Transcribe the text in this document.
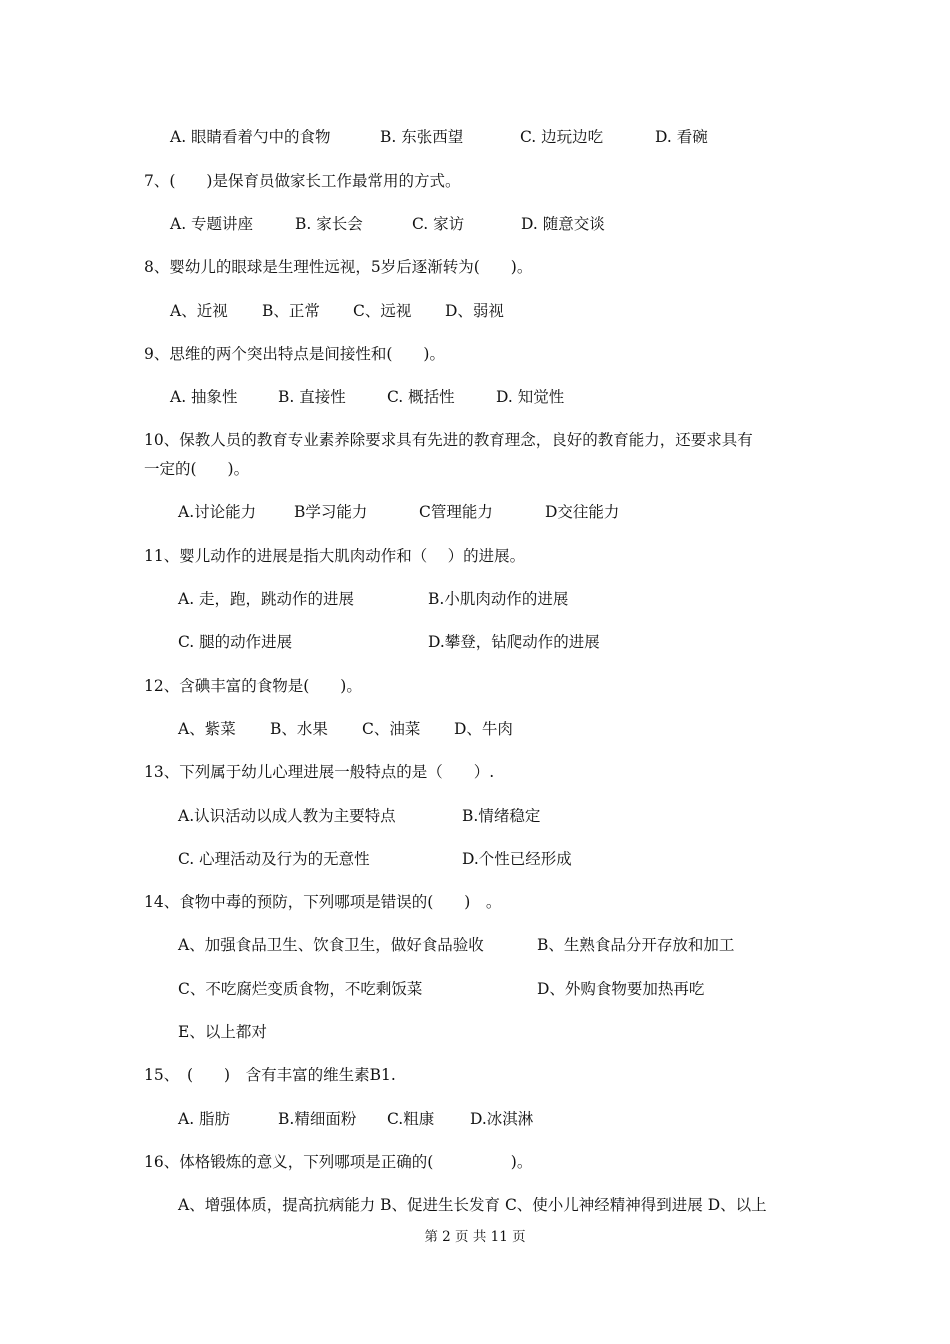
A. 眼睛看着勺中的食物	B. 东张西望	C. 边玩边吃	D. 看碗
7、(　　)是保育员做家长工作最常用的方式。
A. 专题讲座	B. 家长会	C. 家访	D. 随意交谈
8、婴幼儿的眼球是生理性远视，5岁后逐渐转为(　　)。
A、近视 B、正常 C、远视 D、弱视
9、思维的两个突出特点是间接性和(　　)。
A. 抽象性	B. 直接性	C. 概括性	D. 知觉性
10、保教人员的教育专业素养除要求具有先进的教育理念，良好的教育能力，还要求具有
一定的(　　)。
A.讨论能力 B学习能力	C管理能力	D交往能力
11、婴儿动作的进展是指大肌肉动作和（　 ）的进展。
A. 走，跑，跳动作的进展	B.小肌肉动作的进展
C. 腿的动作进展	D.攀登，钻爬动作的进展
12、含碘丰富的食物是(　　)。
A、紫菜 B、水果 C、油菜 D、牛肉
13、下列属于幼儿心理进展一般特点的是（　　）.
A.认识活动以成人教为主要特点	B.情绪稳定
C. 心理活动及行为的无意性	D.个性已经形成
14、食物中毒的预防，下列哪项是错误的(　　)　。
A、加强食品卫生、饮食卫生，做好食品验收	B、生熟食品分开存放和加工
C、不吃腐烂变质食物，不吃剩饭菜	D、外购食物要加热再吃
E、以上都对
15、　(　　)　含有丰富的维生素B1.
A. 脂肪	B.精细面粉 C.粗康 D.冰淇淋
16、体格锻炼的意义，下列哪项是正确的(　　　　　)。
A、增强体质，提高抗病能力 B、促进生长发育 C、使小儿神经精神得到进展 D、以上
第 2 页 共 11 页
